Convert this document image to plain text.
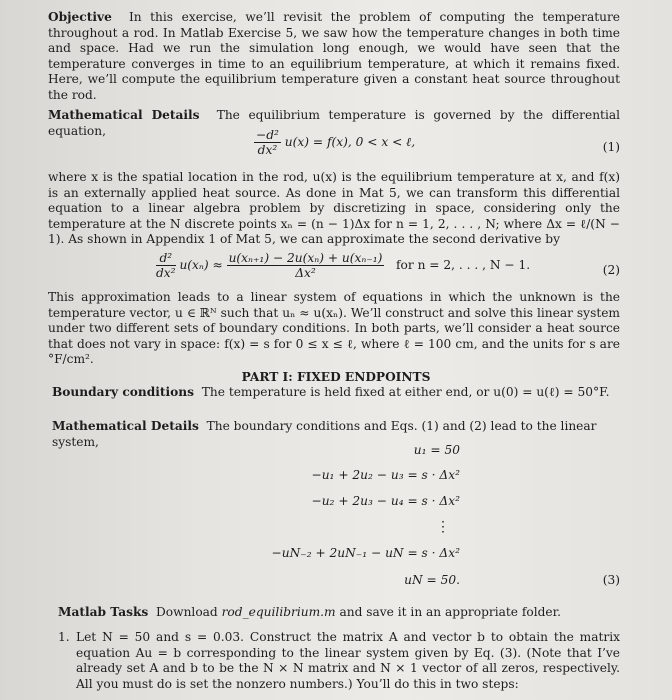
Objective In this exercise, we’ll revisit the problem of computing the temperature throughout a rod. In Matlab Exercise 5, we saw how the temperature changes in both time and space. Had we run the simulation long enough, we would have seen that the temperature converges in time to an equilibrium temperature, at which it remains fixed. Here, we’ll compute the equilibrium temperature given a constant heat source throughout the rod.

Mathematical Details The equilibrium temperature is governed by the differential equation,	$\frac{\text{−d²}}{\text{dx²}} u(x) = f(x)$, 0 < x < ℓ,	(1)

where x is the spatial location in the rod, u(x) is the equilibrium temperature at x, and f(x) is an externally applied heat source. As done in Mat 5, we can transform this differential equation to a linear algebra problem by discretizing in space, considering only the temperature at the N discrete points xₙ = (n − 1)Δx for n = 1, 2, . . . , N; where Δx = ℓ/(N − 1). As shown in Appendix 1 of Mat 5, we can approximate the second derivative by

$\frac{\text{d²}}{\text{dx²}} u(x_n) \approx \frac{\text{u(xₙ₊₁) − 2u(xₙ) + u(xₙ₋₁)}}{\text{Δx²}}$ for n = 2, . . . , N − 1.	(2)

This approximation leads to a linear system of equations in which the unknown is the temperature vector, u ∈ ℝᴺ such that uₙ ≈ u(xₙ). We’ll construct and solve this linear system under two different sets of boundary conditions. In both parts, we’ll consider a heat source that does not vary in space: f(x) = s for 0 ≤ x ≤ ℓ, where ℓ = 100 cm, and the units for s are °F/cm².

PART I: FIXED ENDPOINTS
Boundary conditions The temperature is held fixed at either end, or u(0) = u(ℓ) = 50°F.
Mathematical Details The boundary conditions and Eqs. (1) and (2) lead to the linear system,
u₁ = 50
−u₁ + 2u₂ − u₃ = s · Δx²
−u₂ + 2u₃ − u₄ = s · Δx²
⋮
−uN₋₂ + 2uN₋₁ − uN = s · Δx²
uN = 50.	(3)
Matlab Tasks Download rod_equilibrium.m and save it in an appropriate folder.
1. Let N = 50 and s = 0.03. Construct the matrix A and vector b to obtain the matrix equation Au = b corresponding to the linear system given by Eq. (3). (Note that I’ve already set A and b to be the N × N matrix and N × 1 vector of all zeros, respectively. All you must do is set the nonzero numbers.) You’ll do this in two steps:
